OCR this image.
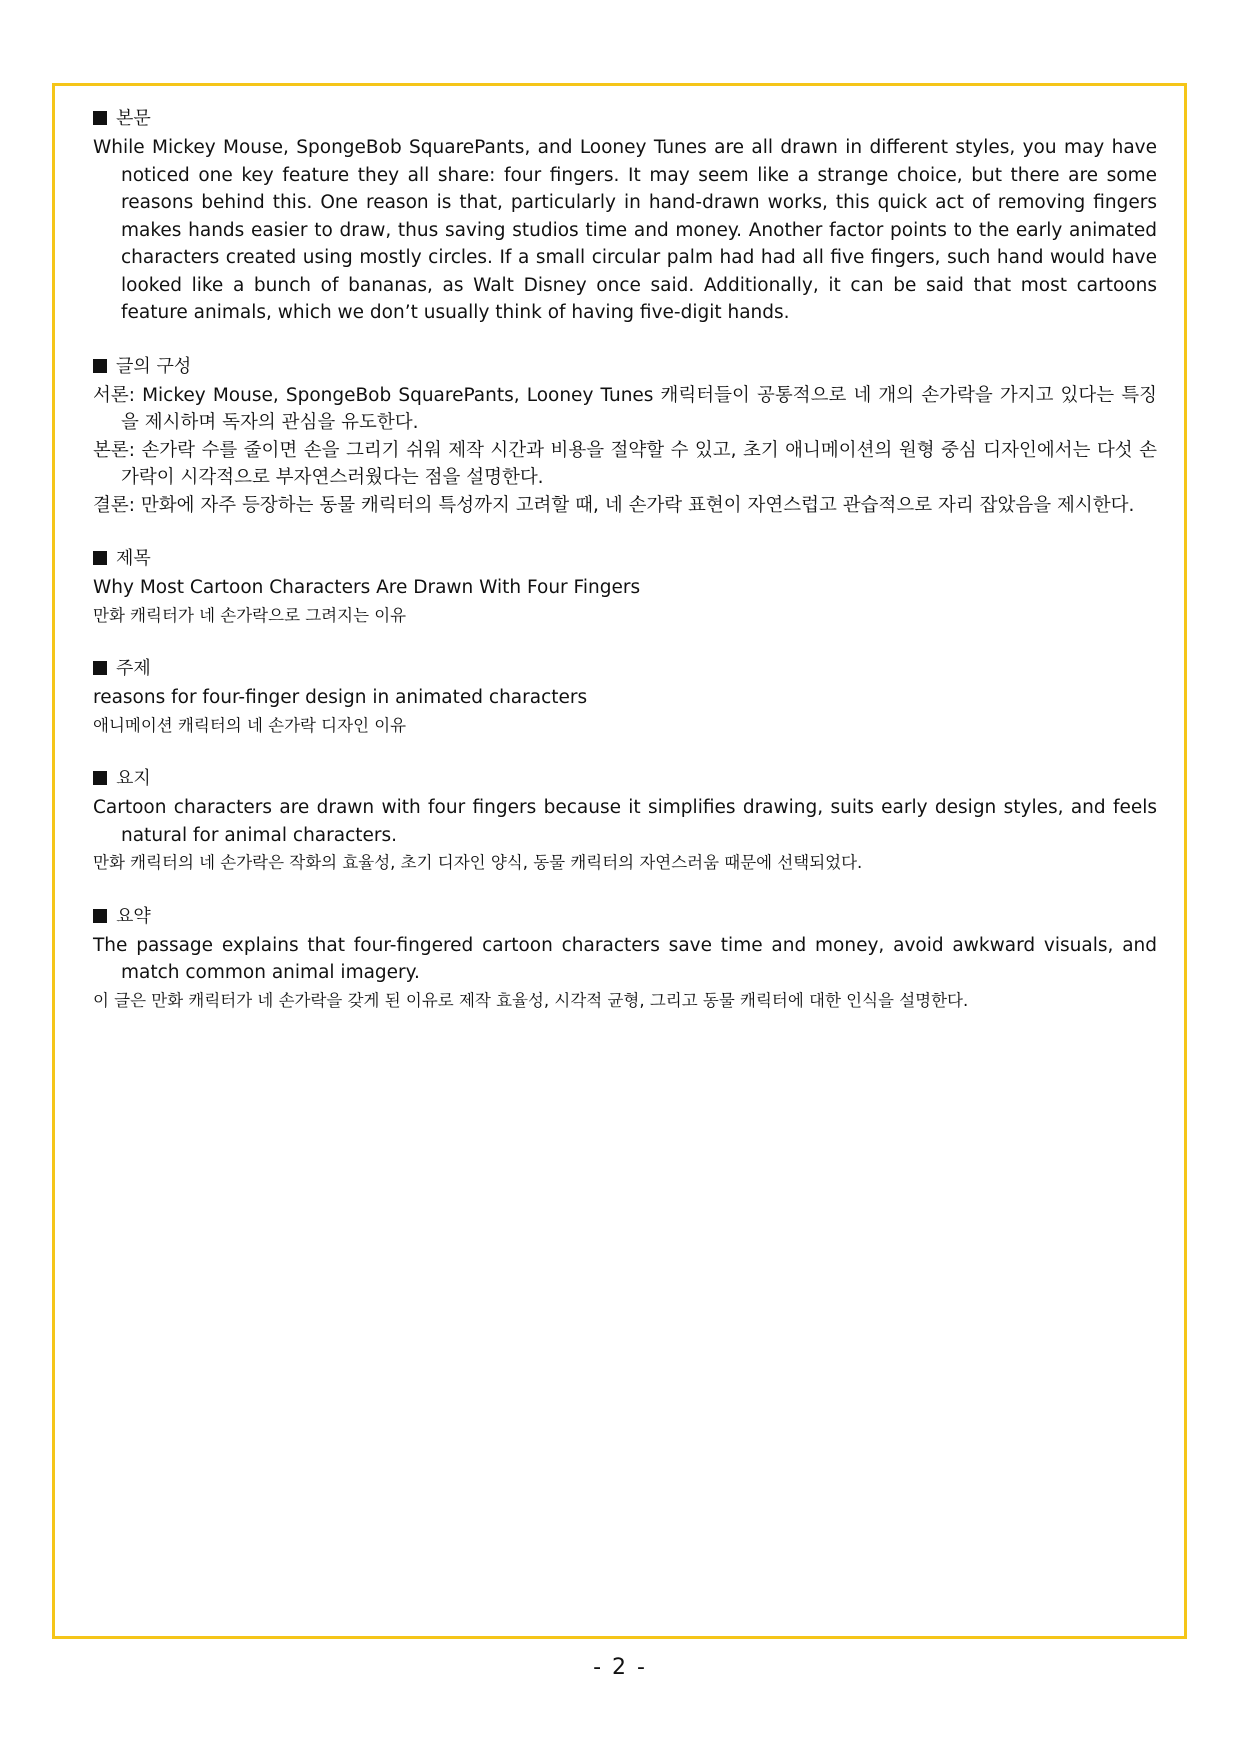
본문

While Mickey Mouse, SpongeBob SquarePants, and Looney Tunes are all drawn in different styles, you may have noticed one key feature they all share: four fingers. It may seem like a strange choice, but there are some reasons behind this. One reason is that, particularly in hand-drawn works, this quick act of removing fingers makes hands easier to draw, thus saving studios time and money. Another factor points to the early animated characters created using mostly circles. If a small circular palm had had all five fingers, such hand would have looked like a bunch of bananas, as Walt Disney once said. Additionally, it can be said that most cartoons feature animals, which we don’t usually think of having five-digit hands.

글의 구성

서론: Mickey Mouse, SpongeBob SquarePants, Looney Tunes 캐릭터들이 공통적으로 네 개의 손가락을 가지고 있다는 특징을 제시하며 독자의 관심을 유도한다.

본론: 손가락 수를 줄이면 손을 그리기 쉬워 제작 시간과 비용을 절약할 수 있고, 초기 애니메이션의 원형 중심 디자인에서는 다섯 손가락이 시각적으로 부자연스러웠다는 점을 설명한다.

결론: 만화에 자주 등장하는 동물 캐릭터의 특성까지 고려할 때, 네 손가락 표현이 자연스럽고 관습적으로 자리 잡았음을 제시한다.

제목

Why Most Cartoon Characters Are Drawn With Four Fingers

만화 캐릭터가 네 손가락으로 그려지는 이유

주제

reasons for four-finger design in animated characters

애니메이션 캐릭터의 네 손가락 디자인 이유

요지

Cartoon characters are drawn with four fingers because it simplifies drawing, suits early design styles, and feels natural for animal characters.

만화 캐릭터의 네 손가락은 작화의 효율성, 초기 디자인 양식, 동물 캐릭터의 자연스러움 때문에 선택되었다.

요약

The passage explains that four-fingered cartoon characters save time and money, avoid awkward visuals, and match common animal imagery.

이 글은 만화 캐릭터가 네 손가락을 갖게 된 이유로 제작 효율성, 시각적 균형, 그리고 동물 캐릭터에 대한 인식을 설명한다.

- 2 -
